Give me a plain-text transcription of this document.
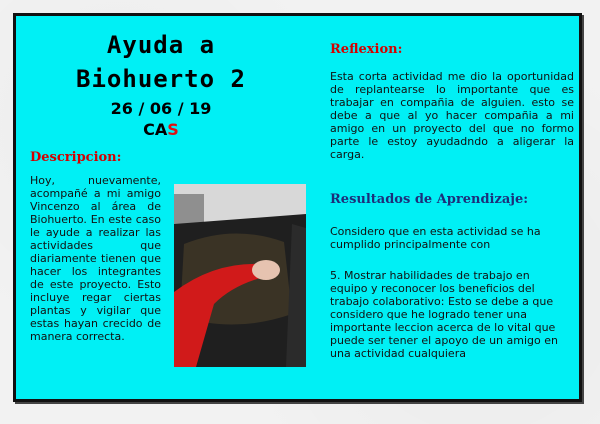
Ayuda a
Biohuerto 2
26 / 06 / 19
CAS
Descripcion:
Hoy, nuevamente, acompañé a mi amigo Vincenzo al área de Biohuerto. En este caso le ayude a realizar las actividades que diariamente tienen que hacer los integrantes de este proyecto. Esto incluye regar ciertas plantas y vigilar que estas hayan crecido de manera correcta.
Reflexion:
Esta corta actividad me dio la oportunidad de replantearse lo importante que es trabajar en compañia de alguien. esto se debe a que al yo hacer compañia a mi amigo en un proyecto del que no formo parte le estoy ayudadndo a aligerar la carga.
Resultados de Aprendizaje:
Considero que en esta actividad se ha cumplido principalmente con
5. Mostrar habilidades de trabajo en equipo y reconocer los beneficios del trabajo colaborativo: Esto se debe a que considero que he logrado tener una importante leccion acerca de lo vital que puede ser tener el apoyo de un amigo en una actividad cualquiera
